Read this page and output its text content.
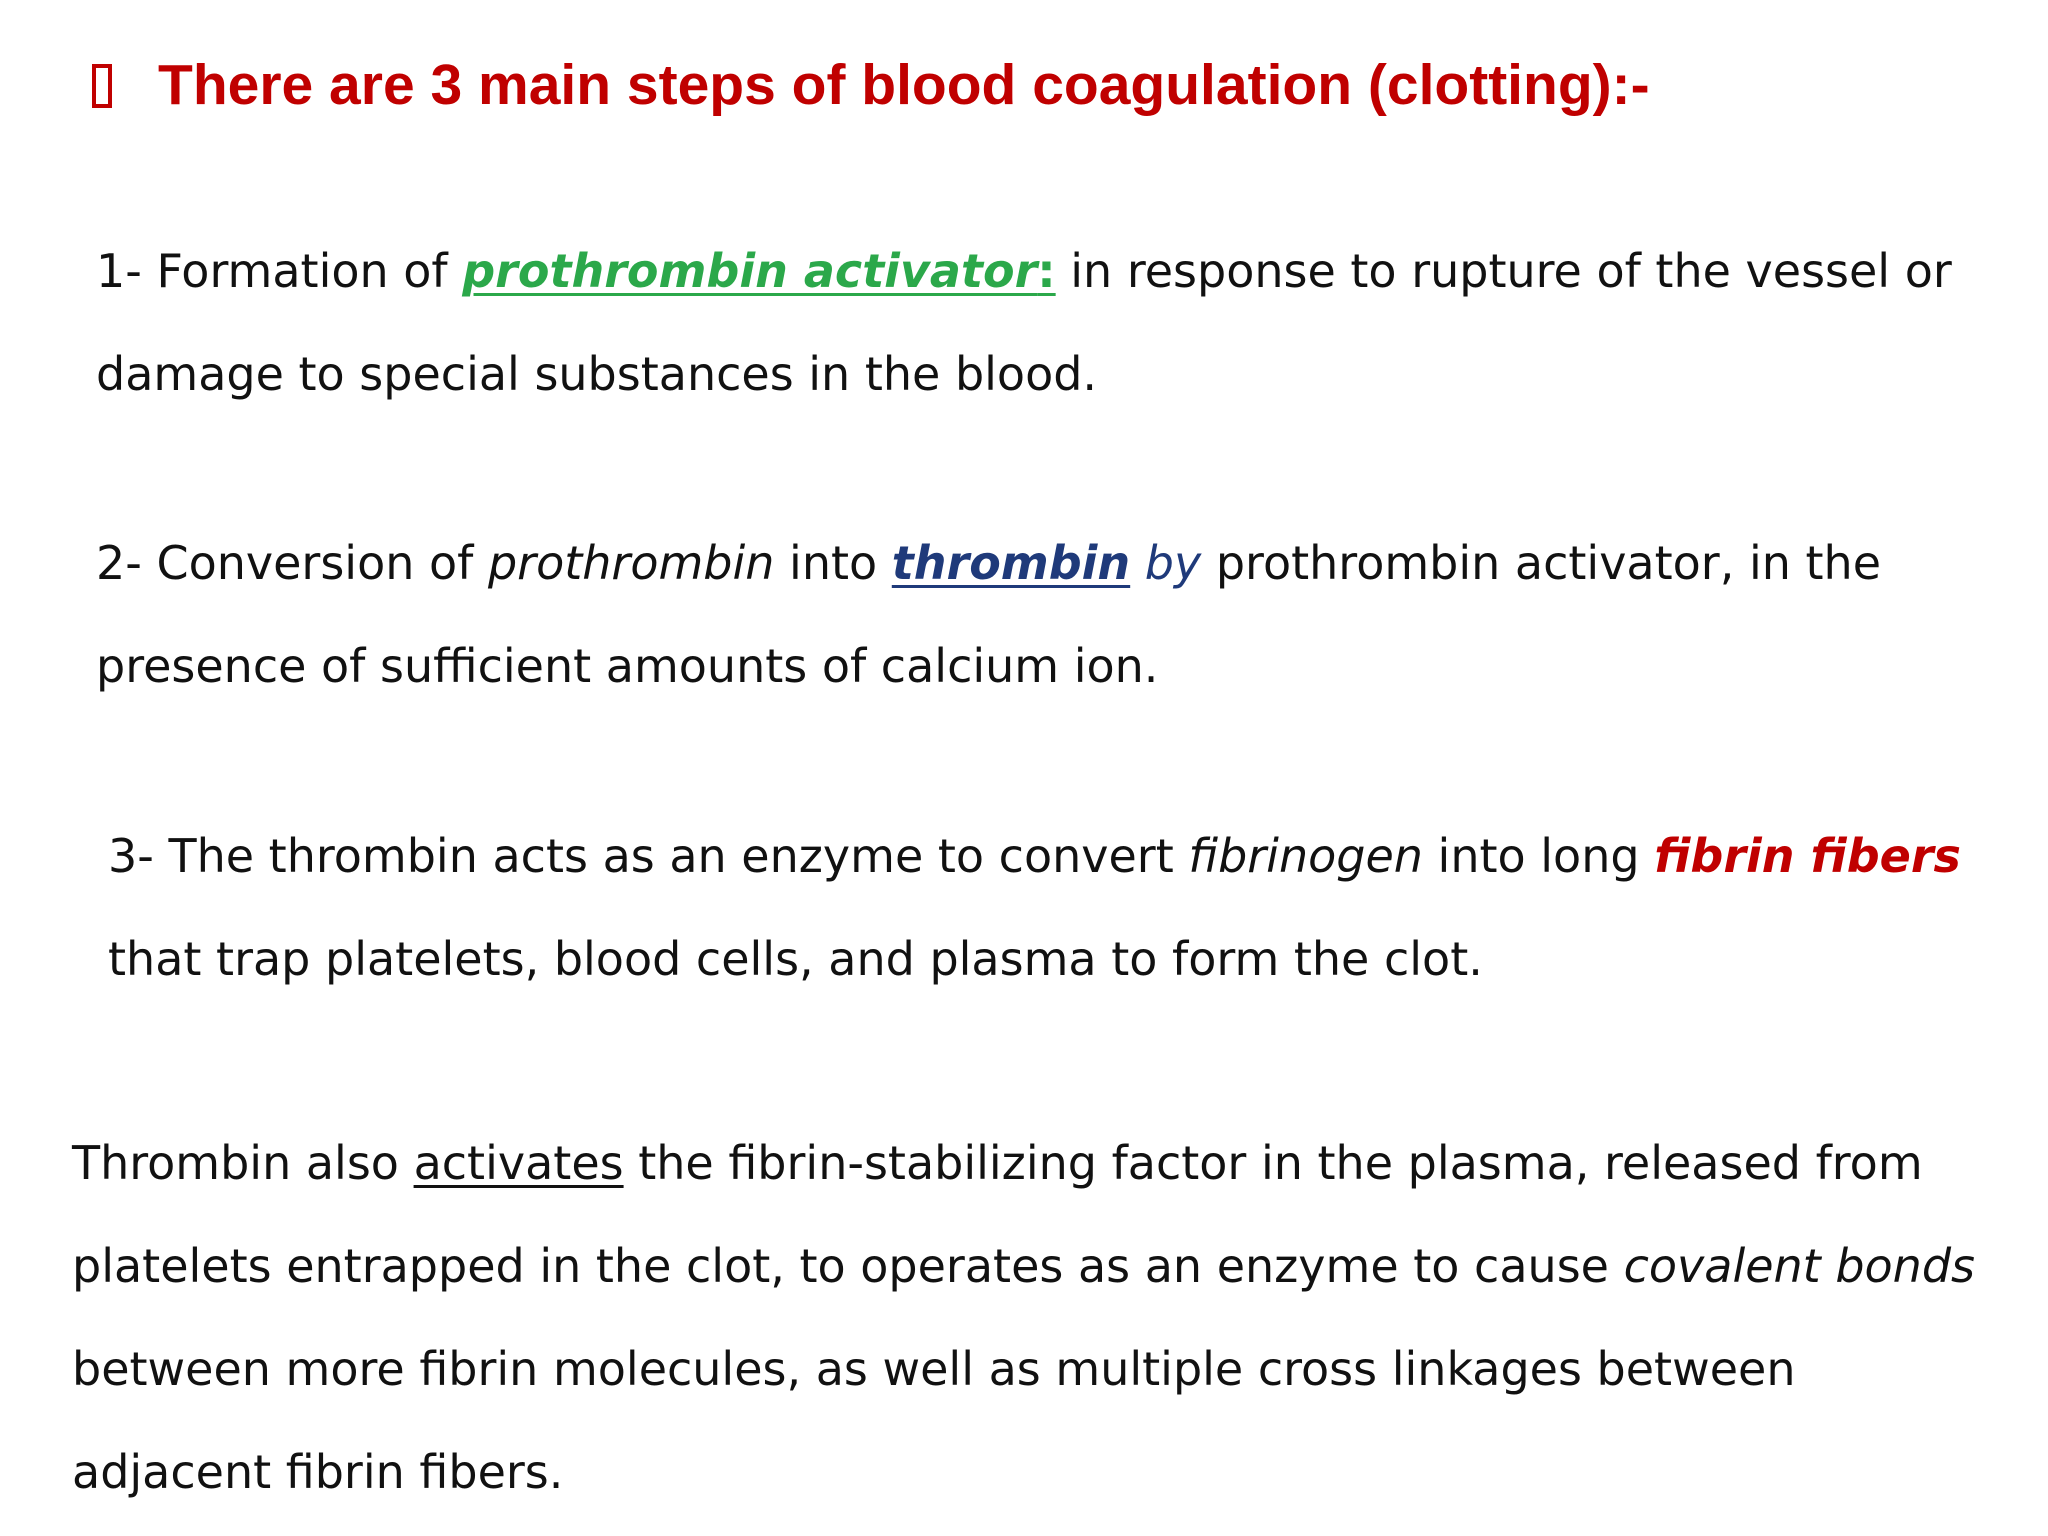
There are 3 main steps of blood coagulation (clotting):-
1- Formation of prothrombin activator: in response to rupture of the vessel or
damage to special substances in the blood.
2- Conversion of prothrombin into thrombin by prothrombin activator, in the
presence of sufficient amounts of calcium ion.
3- The thrombin acts as an enzyme to convert fibrinogen into long fibrin fibers
that trap platelets, blood cells, and plasma to form the clot.
Thrombin also activates the fibrin-stabilizing factor in the plasma, released from
platelets entrapped in the clot, to operates as an enzyme to cause covalent bonds
between more fibrin molecules, as well as multiple cross linkages between
adjacent fibrin fibers.
